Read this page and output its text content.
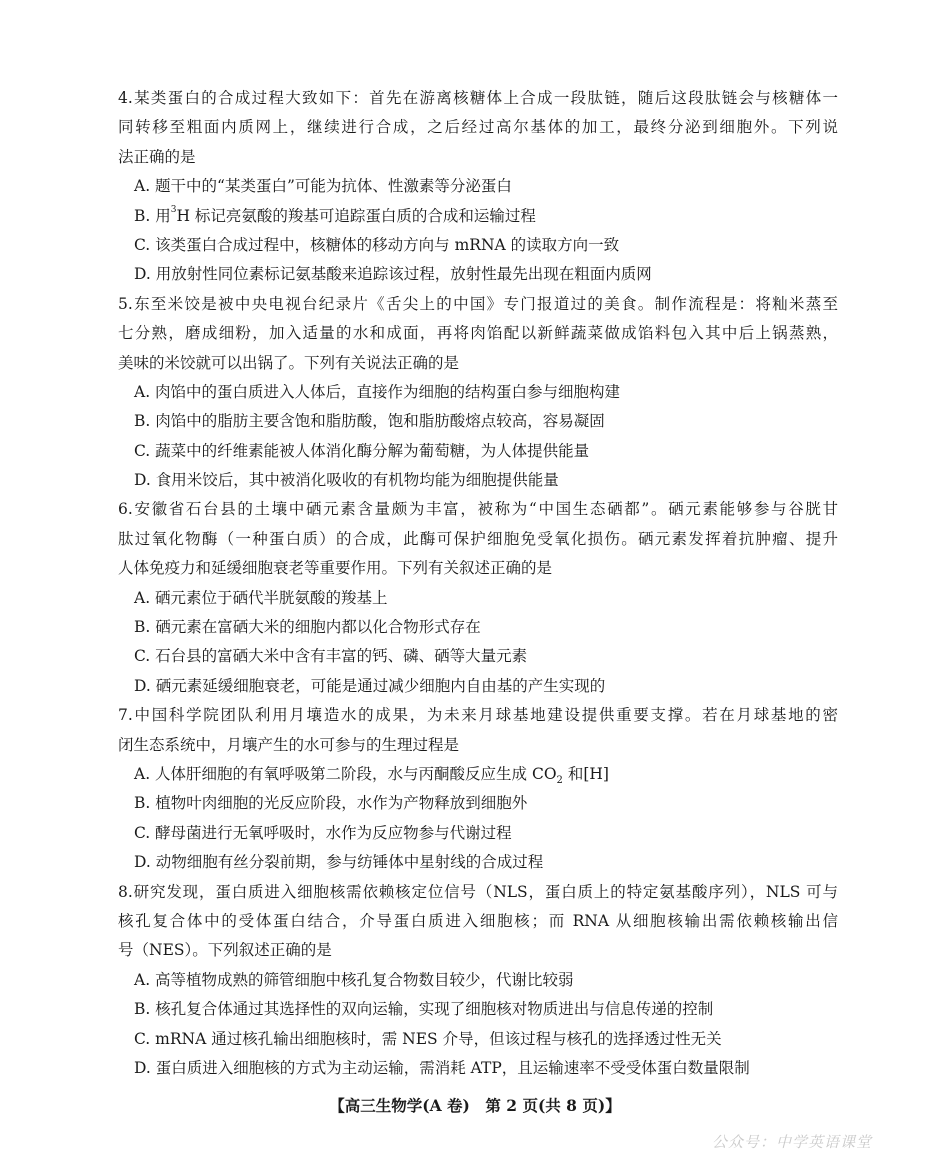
4.某类蛋白的合成过程大致如下：首先在游离核糖体上合成一段肽链，随后这段肽链会与核糖体一
同转移至粗面内质网上，继续进行合成，之后经过高尔基体的加工，最终分泌到细胞外。下列说
法正确的是
A. 题干中的“某类蛋白”可能为抗体、性激素等分泌蛋白
B. 用$^3$H 标记亮氨酸的羧基可追踪蛋白质的合成和运输过程
C. 该类蛋白合成过程中，核糖体的移动方向与 mRNA 的读取方向一致
D. 用放射性同位素标记氨基酸来追踪该过程，放射性最先出现在粗面内质网
5.东至米饺是被中央电视台纪录片《舌尖上的中国》专门报道过的美食。制作流程是：将籼米蒸至
七分熟，磨成细粉，加入适量的水和成面，再将肉馅配以新鲜蔬菜做成馅料包入其中后上锅蒸熟，
美味的米饺就可以出锅了。下列有关说法正确的是
A. 肉馅中的蛋白质进入人体后，直接作为细胞的结构蛋白参与细胞构建
B. 肉馅中的脂肪主要含饱和脂肪酸，饱和脂肪酸熔点较高，容易凝固
C. 蔬菜中的纤维素能被人体消化酶分解为葡萄糖，为人体提供能量
D. 食用米饺后，其中被消化吸收的有机物均能为细胞提供能量
6.安徽省石台县的土壤中硒元素含量颇为丰富，被称为“中国生态硒都”。硒元素能够参与谷胱甘
肽过氧化物酶（一种蛋白质）的合成，此酶可保护细胞免受氧化损伤。硒元素发挥着抗肿瘤、提升
人体免疫力和延缓细胞衰老等重要作用。下列有关叙述正确的是
A. 硒元素位于硒代半胱氨酸的羧基上
B. 硒元素在富硒大米的细胞内都以化合物形式存在
C. 石台县的富硒大米中含有丰富的钙、磷、硒等大量元素
D. 硒元素延缓细胞衰老，可能是通过减少细胞内自由基的产生实现的
7.中国科学院团队利用月壤造水的成果，为未来月球基地建设提供重要支撑。若在月球基地的密
闭生态系统中，月壤产生的水可参与的生理过程是
A. 人体肝细胞的有氧呼吸第二阶段，水与丙酮酸反应生成 $CO_2$ 和[H]
B. 植物叶肉细胞的光反应阶段，水作为产物释放到细胞外
C. 酵母菌进行无氧呼吸时，水作为反应物参与代谢过程
D. 动物细胞有丝分裂前期，参与纺锤体中星射线的合成过程
8.研究发现，蛋白质进入细胞核需依赖核定位信号（NLS，蛋白质上的特定氨基酸序列），NLS 可与
核孔复合体中的受体蛋白结合，介导蛋白质进入细胞核；而 RNA 从细胞核输出需依赖核输出信
号（NES）。下列叙述正确的是
A. 高等植物成熟的筛管细胞中核孔复合物数目较少，代谢比较弱
B. 核孔复合体通过其选择性的双向运输，实现了细胞核对物质进出与信息传递的控制
C. mRNA 通过核孔输出细胞核时，需 NES 介导，但该过程与核孔的选择透过性无关
D. 蛋白质进入细胞核的方式为主动运输，需消耗 ATP，且运输速率不受受体蛋白数量限制
【高三生物学(A 卷)　第 2 页(共 8 页)】
公众号：中学英语课堂
